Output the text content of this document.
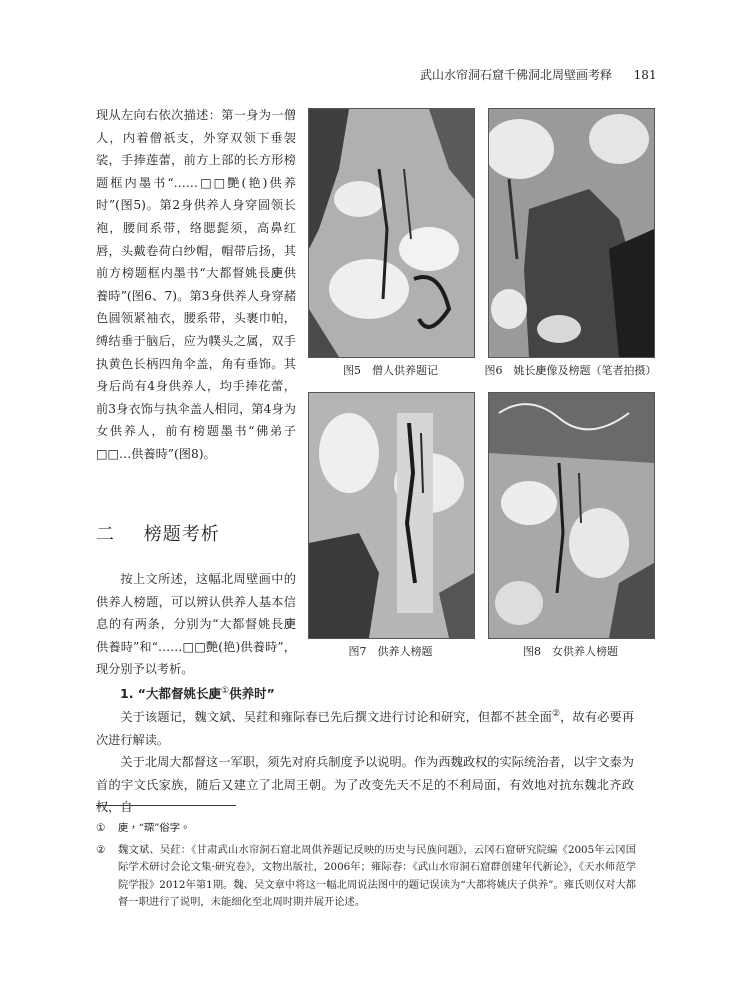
武山水帘洞石窟千佛洞北周壁画考释 181

现从左向右依次描述：第一身为一僧人，内着僧祇支，外穿双领下垂袈裟，手捧莲蕾，前方上部的长方形榜题框内墨书“……□□艷(艳)供养时”(图5)。第2身供养人身穿圆领长袍，腰间系带，络腮髭须，高鼻红唇，头戴卷荷白纱帽，帽带后扬，其前方榜题框内墨书“大都督姚長𢈔供養時”(图6、7)。第3身供养人身穿赭色圆领紧袖衣，腰系带，头裹巾帕，缚结垂于脑后，应为幞头之属，双手执黄色长柄四角伞盖，角有垂饰。其身后尚有4身供养人，均手捧花蕾，前3身衣饰与执伞盖人相同，第4身为女供养人，前有榜题墨书“佛弟子□□…供養時”(图8)。

二 榜题考析

按上文所述，这幅北周壁画中的供养人榜题，可以辨认供养人基本信息的有两条，分别为“大都督姚長𢈔供養時”和“……□□艷(艳)供養時”，现分别予以考析。

图5　僧人供养题记	图6　姚长𢈔像及榜题（笔者拍摄）
图7　供养人榜题	图8　女供养人榜题
1. “大都督姚长𢈔①供养时”

关于该题记，魏文斌、吴荭和雍际春已先后撰文进行讨论和研究，但都不甚全面②，故有必要再次进行解读。

关于北周大都督这一军职，须先对府兵制度予以说明。作为西魏政权的实际统治者，以宇文泰为首的宇文氏家族，随后又建立了北周王朝。为了改变先天不足的不利局面，有效地对抗东魏北齐政权，自

①	𢈔，“琛”俗字。
②	魏文斌、吴荭：《甘肃武山水帘洞石窟北周供养题记反映的历史与民族问题》，云冈石窟研究院编《2005年云冈国际学术研讨会论文集·研究卷》，文物出版社，2006年；雍际春：《武山水帘洞石窟群创建年代新论》，《天水师范学院学报》2012年第1期。魏、吴文章中将这一幅北周说法图中的题记误读为“大都将姚庆子供养”。雍氏则仅对大都督一职进行了说明，未能细化至北周时期并展开论述。
